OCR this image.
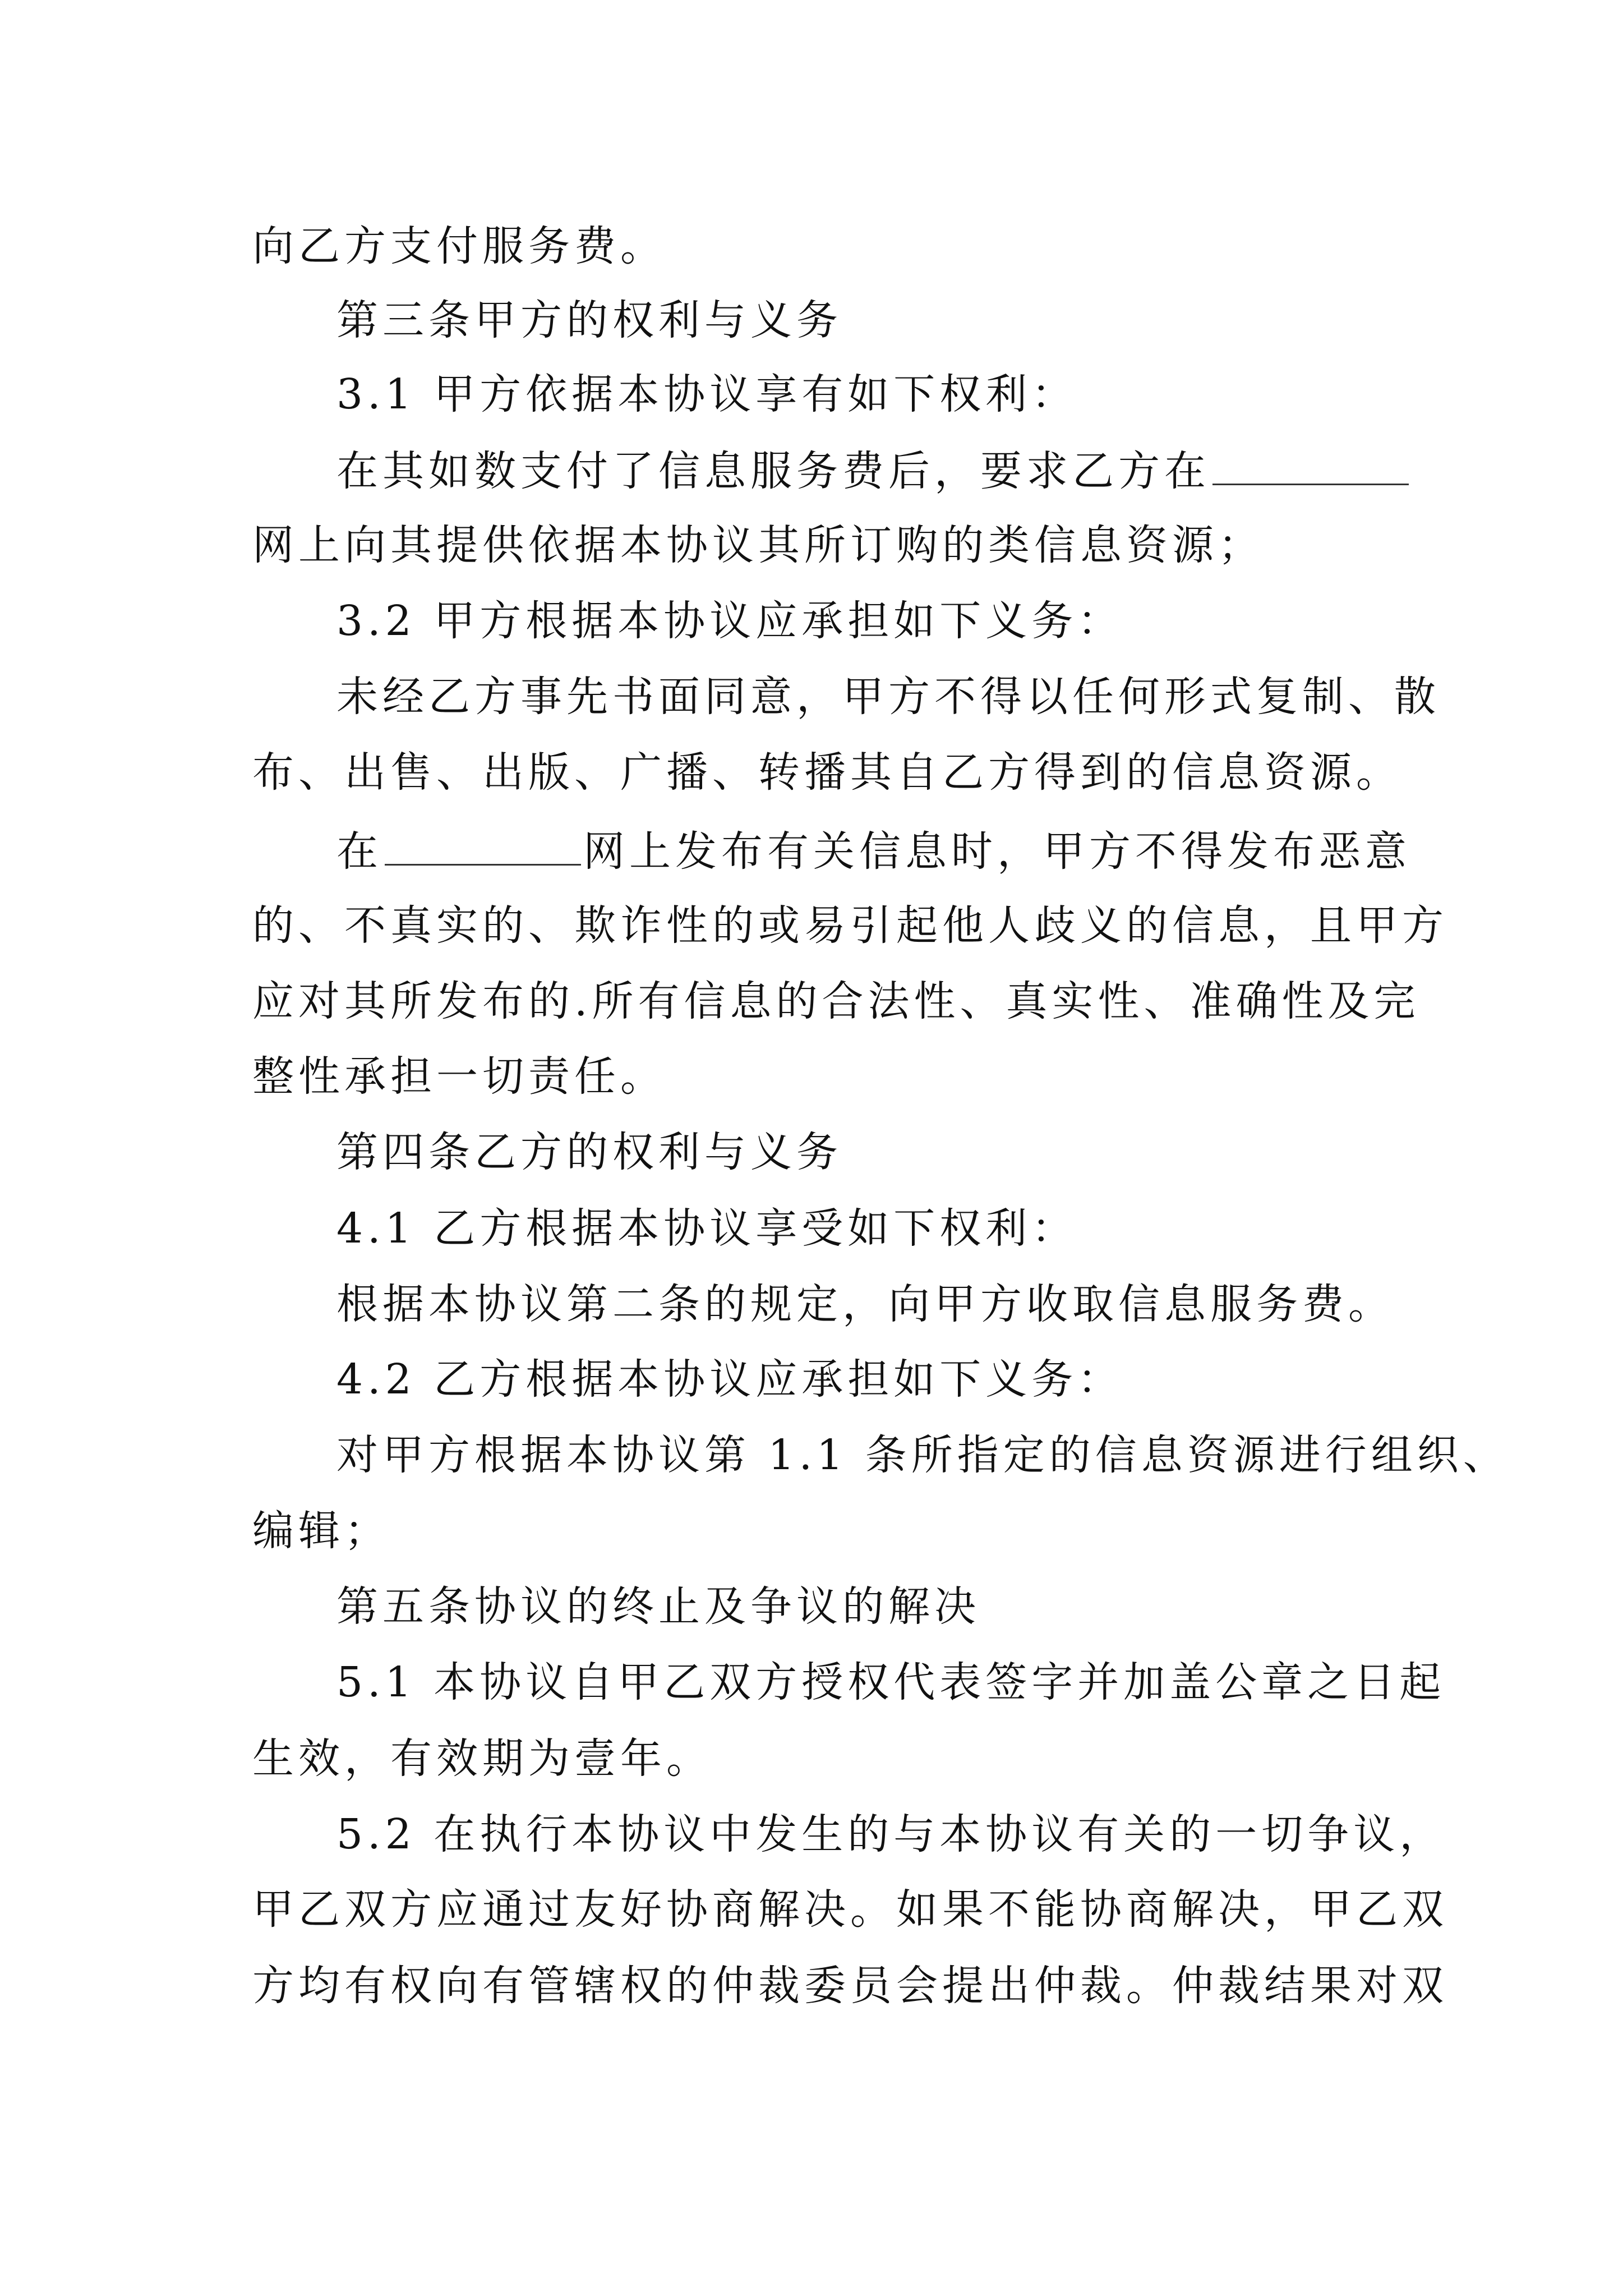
向乙方支付服务费。
第三条甲方的权利与义务
3.1 甲方依据本协议享有如下权利：
在其如数支付了信息服务费后，要求乙方在
网上向其提供依据本协议其所订购的类信息资源；
3.2 甲方根据本协议应承担如下义务：
未经乙方事先书面同意，甲方不得以任何形式复制、散
布、出售、出版、广播、转播其自乙方得到的信息资源。
在	网上发布有关信息时，甲方不得发布恶意
的、不真实的、欺诈性的或易引起他人歧义的信息，且甲方
应对其所发布的.所有信息的合法性、真实性、准确性及完
整性承担一切责任。
第四条乙方的权利与义务
4.1 乙方根据本协议享受如下权利：
根据本协议第二条的规定，向甲方收取信息服务费。
4.2 乙方根据本协议应承担如下义务：
对甲方根据本协议第 1.1 条所指定的信息资源进行组织、
编辑；
第五条协议的终止及争议的解决
5.1 本协议自甲乙双方授权代表签字并加盖公章之日起
生效，有效期为壹年。
5.2 在执行本协议中发生的与本协议有关的一切争议，
甲乙双方应通过友好协商解决。如果不能协商解决，甲乙双
方均有权向有管辖权的仲裁委员会提出仲裁。仲裁结果对双
